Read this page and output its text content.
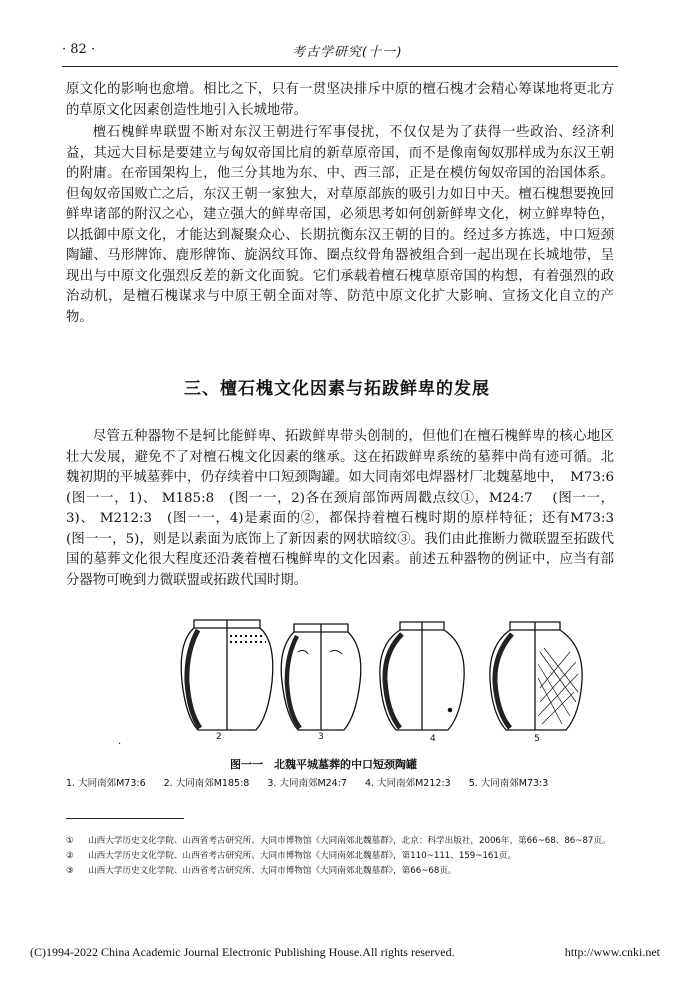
· 82 ·	考古学研究(十一)

原文化的影响也愈增。相比之下，只有一贯坚决排斥中原的檀石槐才会精心筹谋地将更北方的草原文化因素创造性地引入长城地带。

檀石槐鲜卑联盟不断对东汉王朝进行军事侵扰，不仅仅是为了获得一些政治、经济利益，其远大目标是要建立与匈奴帝国比肩的新草原帝国，而不是像南匈奴那样成为东汉王朝的附庸。在帝国架构上，他三分其地为东、中、西三部，正是在模仿匈奴帝国的治国体系。但匈奴帝国败亡之后，东汉王朝一家独大，对草原部族的吸引力如日中天。檀石槐想要挽回鲜卑诸部的附汉之心，建立强大的鲜卑帝国，必须思考如何创新鲜卑文化，树立鲜卑特色，以抵御中原文化，才能达到凝聚众心、长期抗衡东汉王朝的目的。经过多方拣选，中口短颈陶罐、马形牌饰、鹿形牌饰、旋涡纹耳饰、圈点纹骨角器被组合到一起出现在长城地带，呈现出与中原文化强烈反差的新文化面貌。它们承载着檀石槐草原帝国的构想，有着强烈的政治动机，是檀石槐谋求与中原王朝全面对等、防范中原文化扩大影响、宣扬文化自立的产物。

三、檀石槐文化因素与拓跋鲜卑的发展

尽管五种器物不是轲比能鲜卑、拓跋鲜卑带头创制的，但他们在檀石槐鲜卑的核心地区壮大发展，避免不了对檀石槐文化因素的继承。这在拓跋鲜卑系统的墓葬中尚有迹可循。北魏初期的平城墓葬中，仍存续着中口短颈陶罐。如大同南郊电焊器材厂北魏墓地中，　M73:6　(图一一，1)、 M185:8　(图一一，2)各在颈肩部饰两周戳点纹①，M24:7　 (图一一，3)、 M212:3　(图一一，4)是素面的②，都保持着檀石槐时期的原样特征；还有M73:3　(图一一，5)，则是以素面为底饰上了新因素的网状暗纹③。我们由此推断力微联盟至拓跋代国的墓葬文化很大程度还沿袭着檀石槐鲜卑的文化因素。前述五种器物的例证中，应当有部分器物可晚到力微联盟或拓跋代国时期。

2	3	4	5
·
图一一　北魏平城墓葬的中口短颈陶罐
1. 大同南郊M73:6 2. 大同南郊M185:8 3. 大同南郊M24:7 4. 大同南郊M212:3 5. 大同南郊M73:3
① 山西大学历史文化学院、山西省考古研究所、大同市博物馆《大同南郊北魏墓群》，北京：科学出版社，2006年，第66~68、86~87页。
② 山西大学历史文化学院、山西省考古研究所、大同市博物馆《大同南郊北魏墓群》，第110~111、159~161页。
③ 山西大学历史文化学院、山西省考古研究所、大同市博物馆《大同南郊北魏墓群》，第66~68页。
(C)1994-2022 China Academic Journal Electronic Publishing House.All rights reserved.	http://www.cnki.net
